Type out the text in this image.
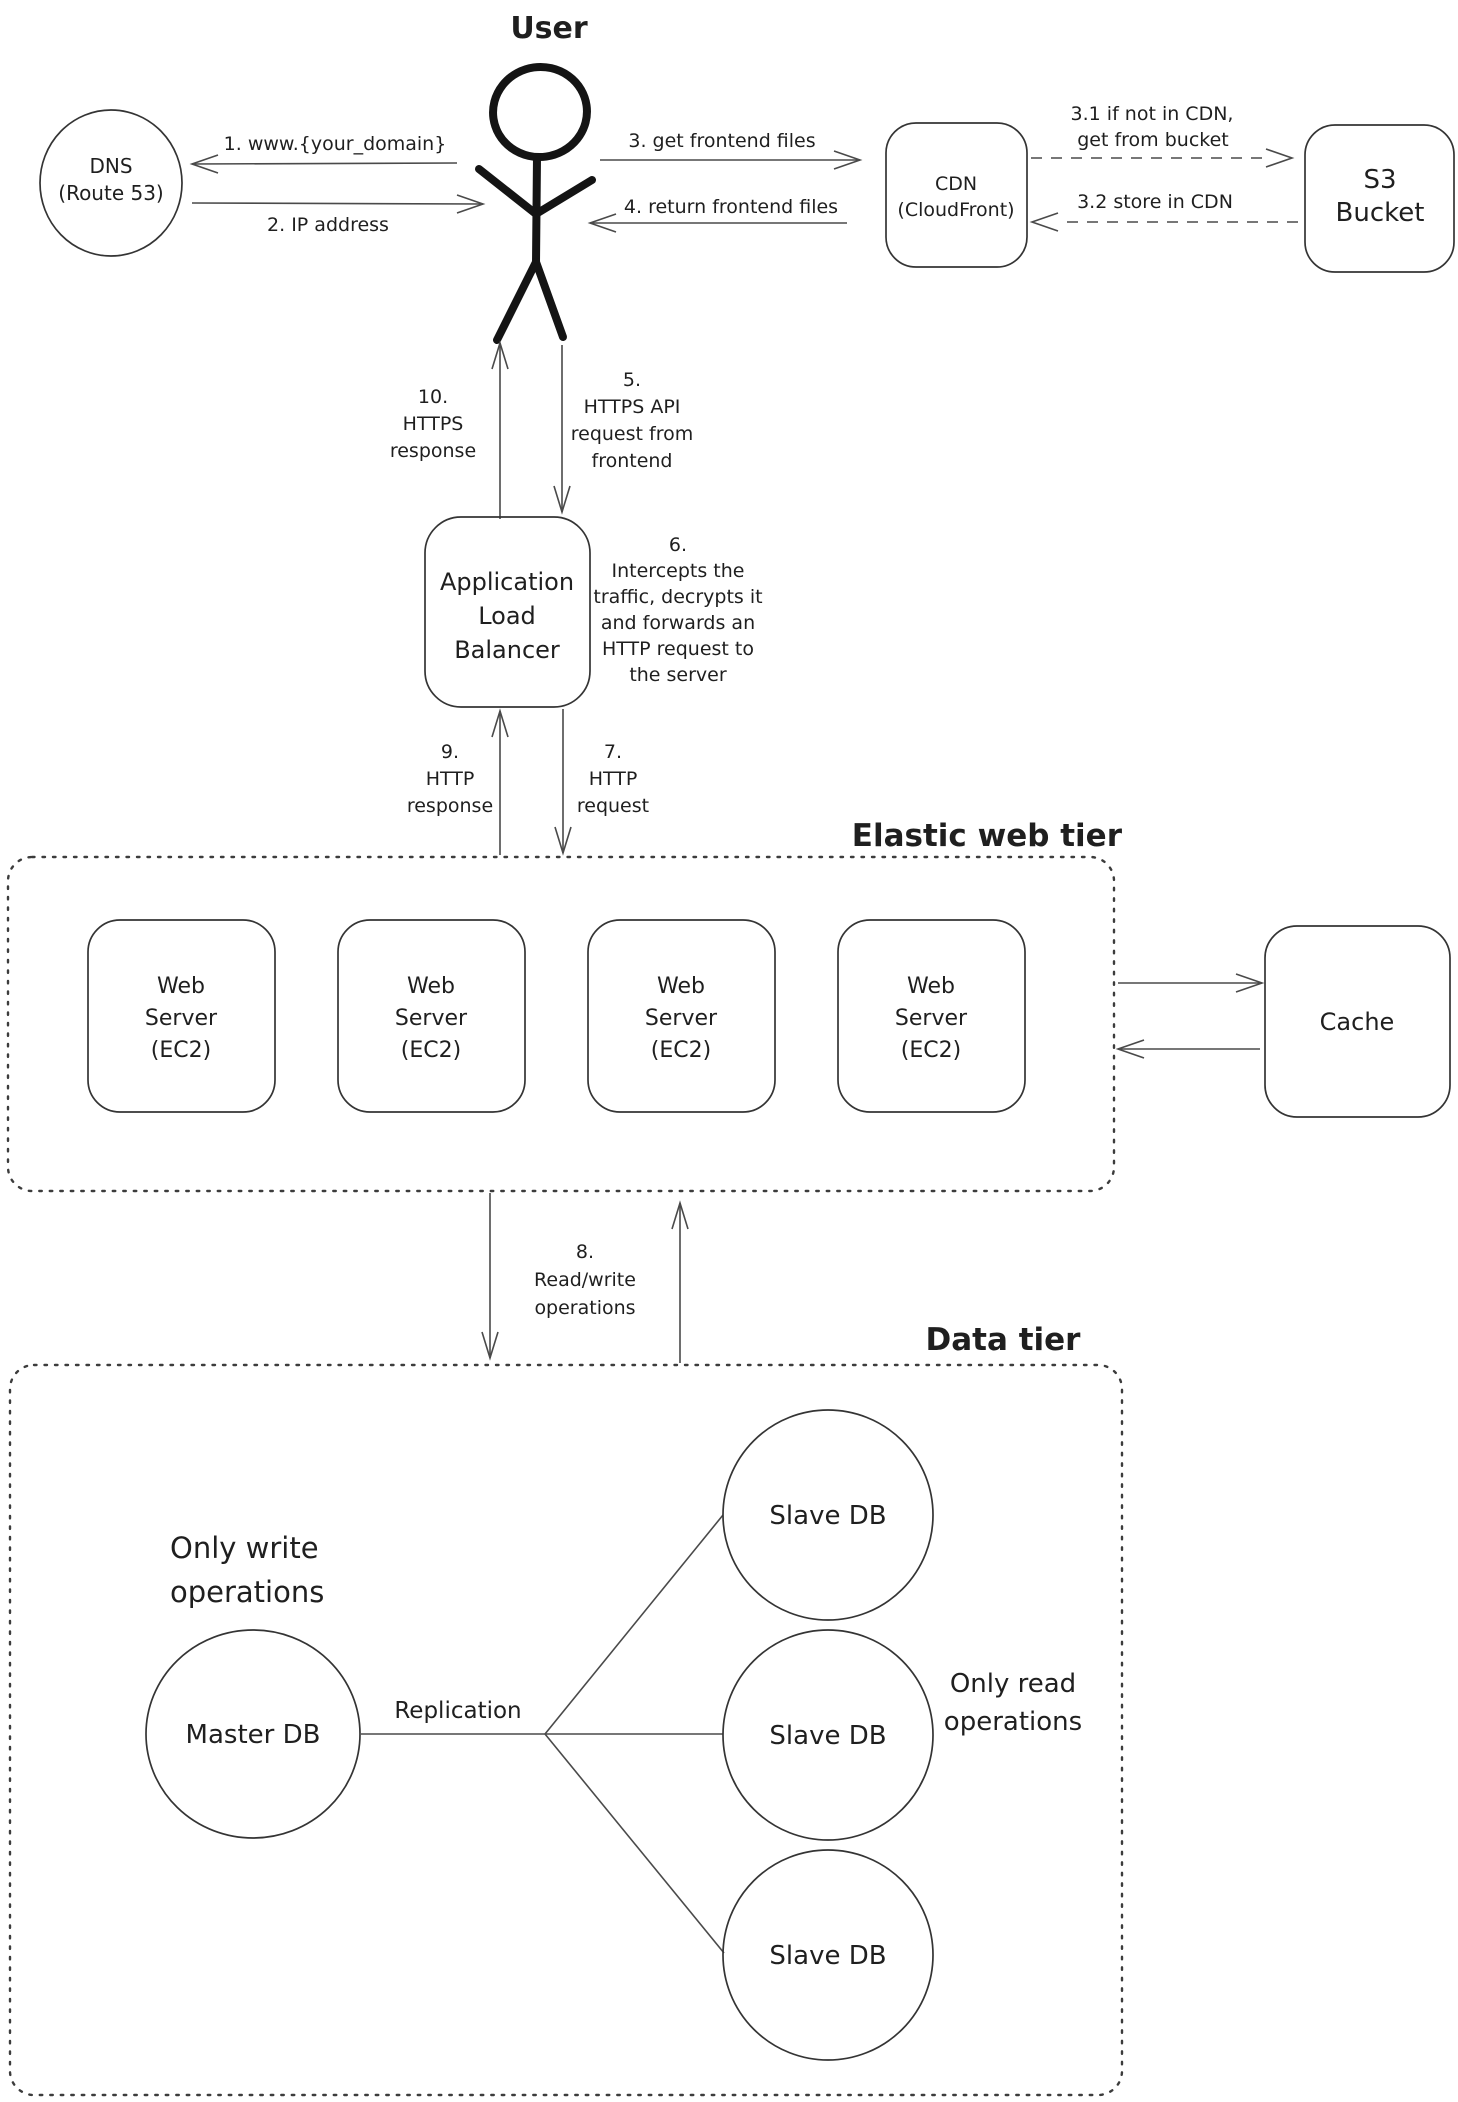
Elastic web tier
Data tier
User
DNS
(Route 53)
1. www.{your_domain}
2. IP address
3. get frontend files
4. return frontend files
CDN
(CloudFront)
S3
Bucket
3.1 if not in CDN,
get from bucket
3.2 store in CDN
10.
HTTPS
response
5.
HTTPS API
request from
frontend
Application
Load
Balancer
6.
Intercepts the
traffic, decrypts it
and forwards an
HTTP request to
the server
9.
HTTP
response
7.
HTTP
request
Web
Server
(EC2)
Web
Server
(EC2)
Web
Server
(EC2)
Web
Server
(EC2)
Cache
8.
Read/write
operations
Only write
operations
Master DB
Replication
Slave DB
Slave DB
Slave DB
Only read
operations
